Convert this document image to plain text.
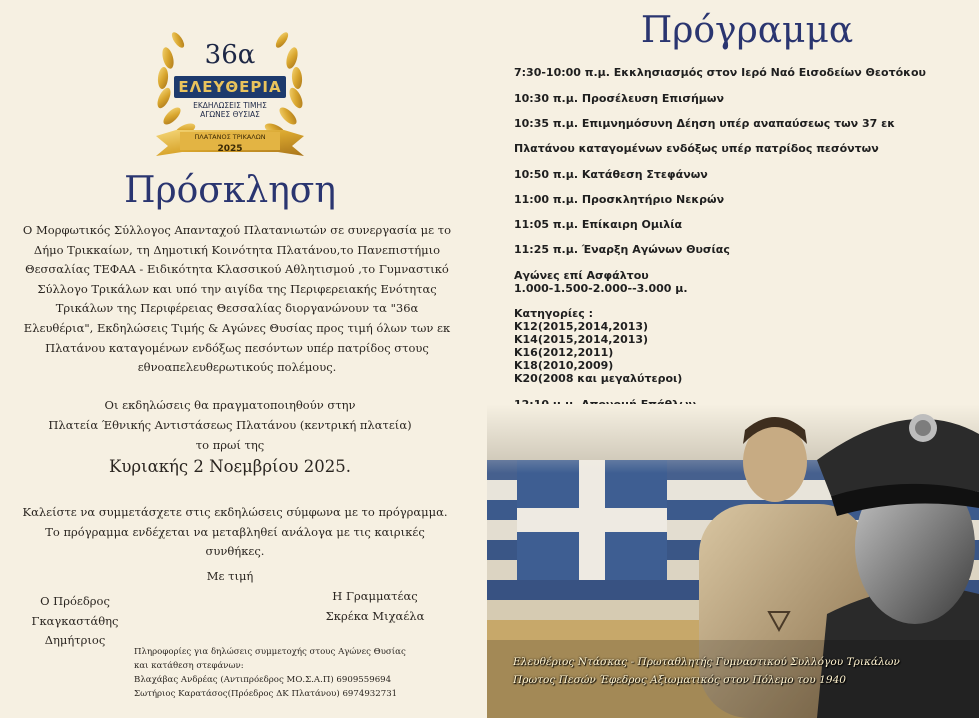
36α
ΕΛΕΥΘΕΡΙΑ
ΕΚΔΗΛΩΣΕΙΣ ΤΙΜΗΣ
ΑΓΩΝΕΣ ΘΥΣΙΑΣ
ΠΛΑΤΑΝΟΣ ΤΡΙΚΑΛΩΝ
2025
Πρόσκληση
Ο Μορφωτικός Σύλλογος Απανταχού Πλατανιωτών σε συνεργασία με το
Δήμο Τρικκαίων, τη Δημοτική Κοινότητα Πλατάνου,το Πανεπιστήμιο
Θεσσαλίας ΤΕΦΑΑ - Ειδικότητα Κλασσικού Αθλητισμού ,το Γυμναστικό
Σύλλογο Τρικάλων και υπό την αιγίδα της Περιφερειακής Ενότητας
Τρικάλων της Περιφέρειας Θεσσαλίας διοργανώνουν τα "36α
Ελευθέρια", Εκδηλώσεις Τιμής & Αγώνες Θυσίας προς τιμή όλων των εκ
Πλατάνου καταγομένων ενδόξως πεσόντων υπέρ πατρίδος στους
εθνοαπελευθερωτικούς πολέμους.
Οι εκδηλώσεις θα πραγματοποιηθούν στην
Πλατεία Έθνικής Αντιστάσεως Πλατάνου (κεντρική πλατεία)
το πρωί της
Κυριακής 2 Νοεμβρίου 2025.
Καλείστε να συμμετάσχετε στις εκδηλώσεις σύμφωνα με το πρόγραμμα.
Το πρόγραμμα ενδέχεται να μεταβληθεί ανάλογα με τις καιρικές
συνθήκες.
Με τιμή
Ο Πρόεδρος
Γκαγκαστάθης Δημήτριος
Η Γραμματέας
Σκρέκα Μιχαέλα
Πληροφορίες για δηλώσεις συμμετοχής στους Αγώνες Θυσίας
και κατάθεση στεφάνων:
Βλαχάβας Ανδρέας (Αντιπρόεδρος ΜΟ.Σ.Α.Π) 6909559694
Σωτήριος Καρατάσος(Πρόεδρος ΔΚ Πλατάνου) 6974932731
Πρόγραμμα
7:30-10:00 π.μ. Εκκλησιασμός στον Ιερό Ναό Εισοδείων Θεοτόκου
10:30 π.μ. Προσέλευση Επισήμων
10:35 π.μ. Επιμνημόσυνη Δέηση υπέρ αναπαύσεως των 37 εκ
Πλατάνου καταγομένων ενδόξως υπέρ πατρίδος πεσόντων
10:50 π.μ. Κατάθεση Στεφάνων
11:00 π.μ. Προσκλητήριο Νεκρών
11:05 π.μ. Επίκαιρη Ομιλία
11:25 π.μ. Έναρξη Αγώνων Θυσίας
Αγώνες επί Ασφάλτου
1.000-1.500-2.000--3.000 μ.
Κατηγορίες :
Κ12(2015,2014,2013)
Κ14(2015,2014,2013)
Κ16(2012,2011)
Κ18(2010,2009)
Κ20(2008 και μεγαλύτεροι)
Ελευθέριος Ντάσκας - Πρωταθλητής Γυμναστικού Συλλόγου Τρικάλων
Πρωτος Πεσών Έφεδρος Αξιωματικός στον Πόλεμο του 1940
